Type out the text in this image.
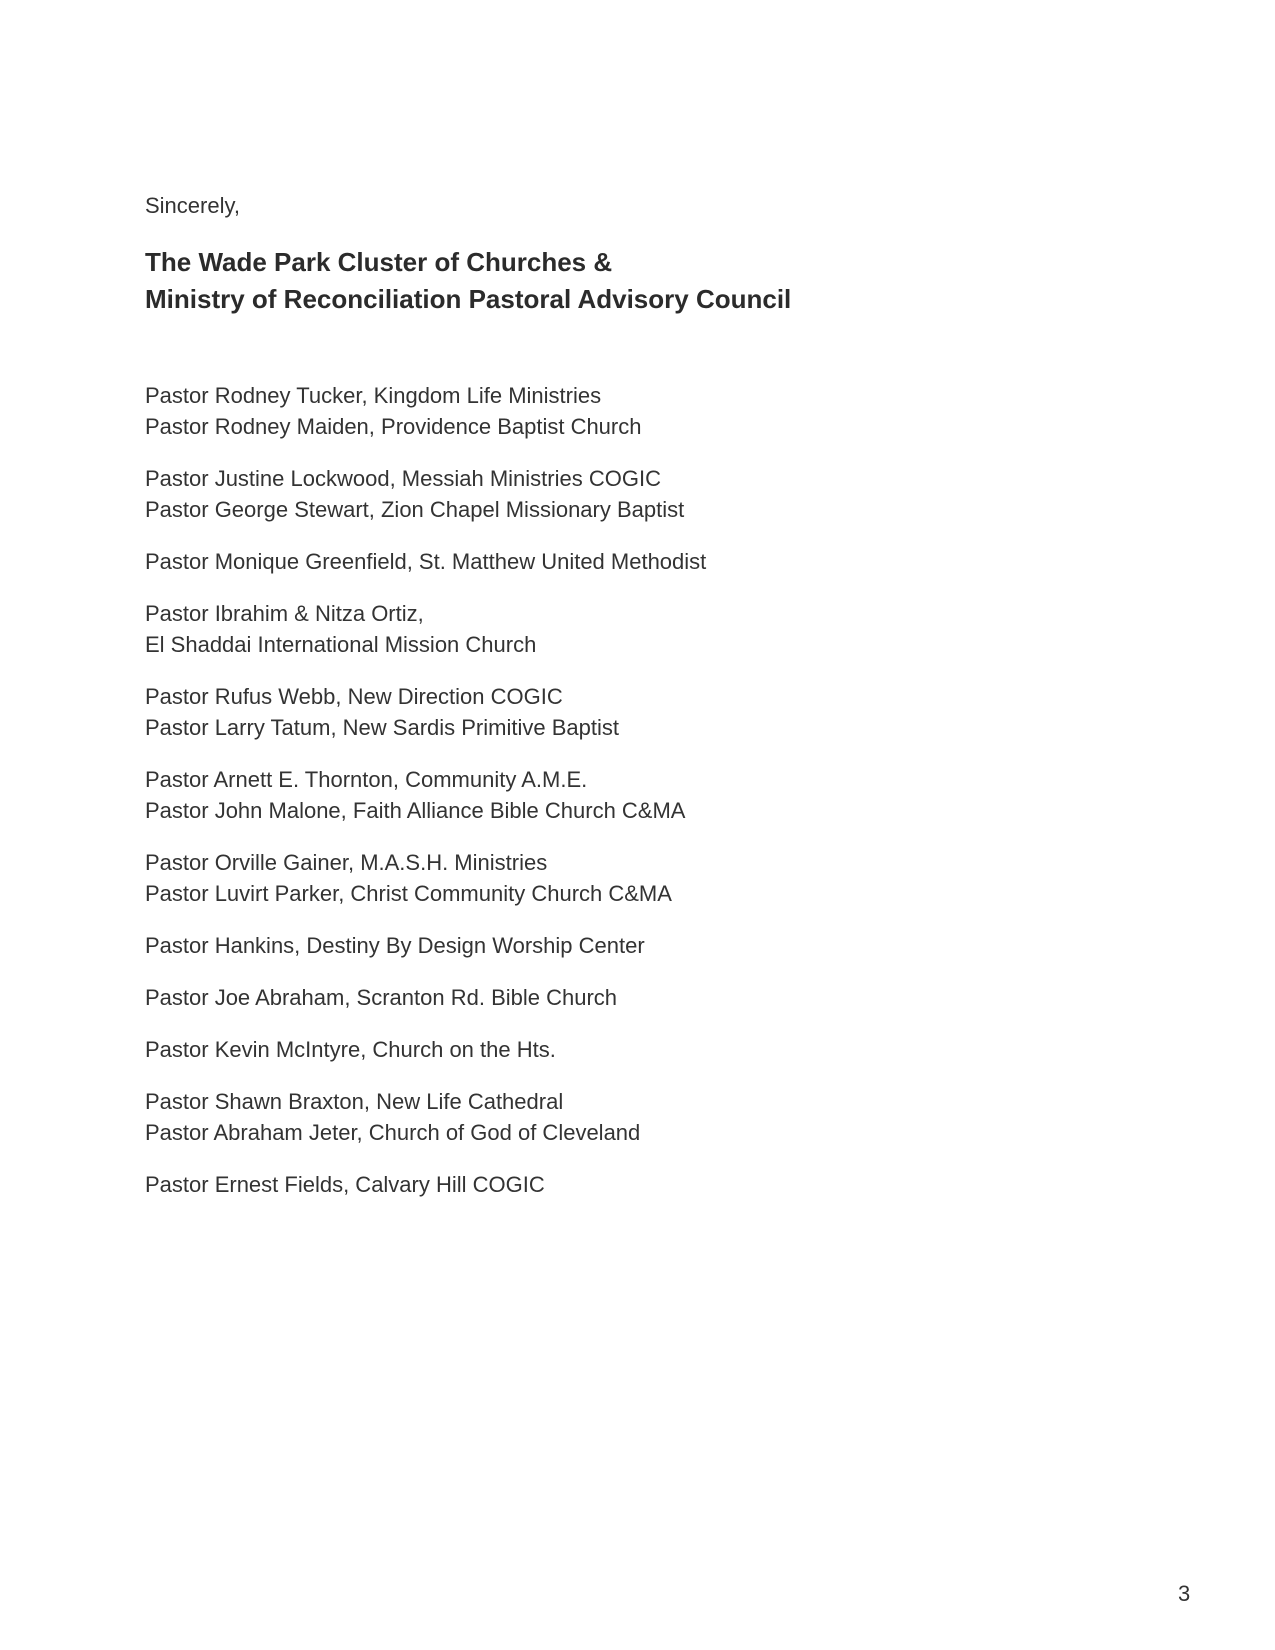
Sincerely,

The Wade Park Cluster of Churches &
Ministry of Reconciliation Pastoral Advisory Council

Pastor Rodney Tucker, Kingdom Life Ministries
Pastor Rodney Maiden, Providence Baptist Church

Pastor Justine Lockwood, Messiah Ministries COGIC
Pastor George Stewart, Zion Chapel Missionary Baptist

Pastor Monique Greenfield, St. Matthew United Methodist

Pastor Ibrahim & Nitza Ortiz,
El Shaddai International Mission Church

Pastor Rufus Webb, New Direction COGIC
Pastor Larry Tatum, New Sardis Primitive Baptist

Pastor Arnett E. Thornton, Community A.M.E.
Pastor John Malone, Faith Alliance Bible Church C&MA

Pastor Orville Gainer, M.A.S.H. Ministries
Pastor Luvirt Parker, Christ Community Church C&MA

Pastor Hankins, Destiny By Design Worship Center

Pastor Joe Abraham, Scranton Rd. Bible Church

Pastor Kevin McIntyre, Church on the Hts.

Pastor Shawn Braxton, New Life Cathedral
Pastor Abraham Jeter, Church of God of Cleveland

Pastor Ernest Fields, Calvary Hill COGIC

3
